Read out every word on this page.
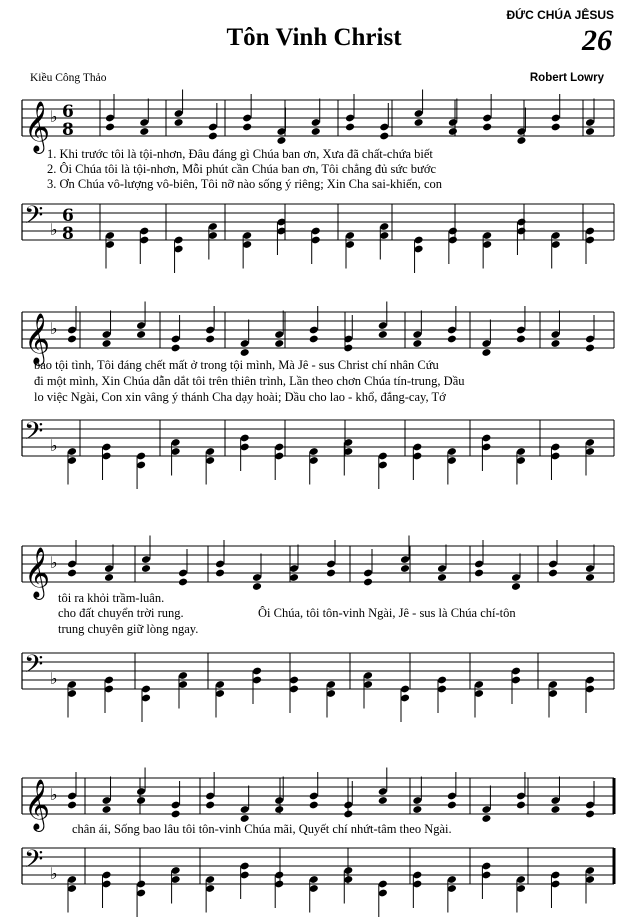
ĐỨC CHÚA JÊSUS
26
Tôn Vinh Christ
Kiều Công Thảo	Robert Lowry
𝄞 ♭ 6
8
1. Khi trước tôi là tội-nhơn, Đâu đáng gì Chúa ban ơn, Xưa đã chất-chứa biết
2. Ôi Chúa tôi là tội-nhơn, Mỗi phút cần Chúa ban ơn, Tôi chẳng đủ sức bước
3. Ơn Chúa vô-lượng vô-biên, Tôi nỡ nào sống ý riêng; Xin Cha sai-khiến, con
𝄢 ♭
6
8
𝄞 ♭
bao tội tình, Tôi đáng chết mất ở trong tội mình, Mà Jê - sus Christ chí nhân Cứu
đi một mình, Xin Chúa dẫn dắt tôi trên thiên trình, Lần theo chơn Chúa tín-trung, Dầu
lo việc Ngài, Con xin vâng ý thánh Cha dạy hoài; Dầu cho lao - khổ, đắng-cay, Tớ
𝄢 ♭
𝄞 ♭
tôi ra khỏi trầm-luân.
cho đất chuyển trời rung.
trung chuyên giữ lòng ngay.
Ôi Chúa, tôi tôn-vinh Ngài, Jê - sus là Chúa chí-tôn
𝄢 ♭
𝄞 ♭
chân ái, Sống bao lâu tôi tôn-vinh Chúa mãi, Quyết chí nhứt-tâm theo Ngài.
𝄢 ♭
